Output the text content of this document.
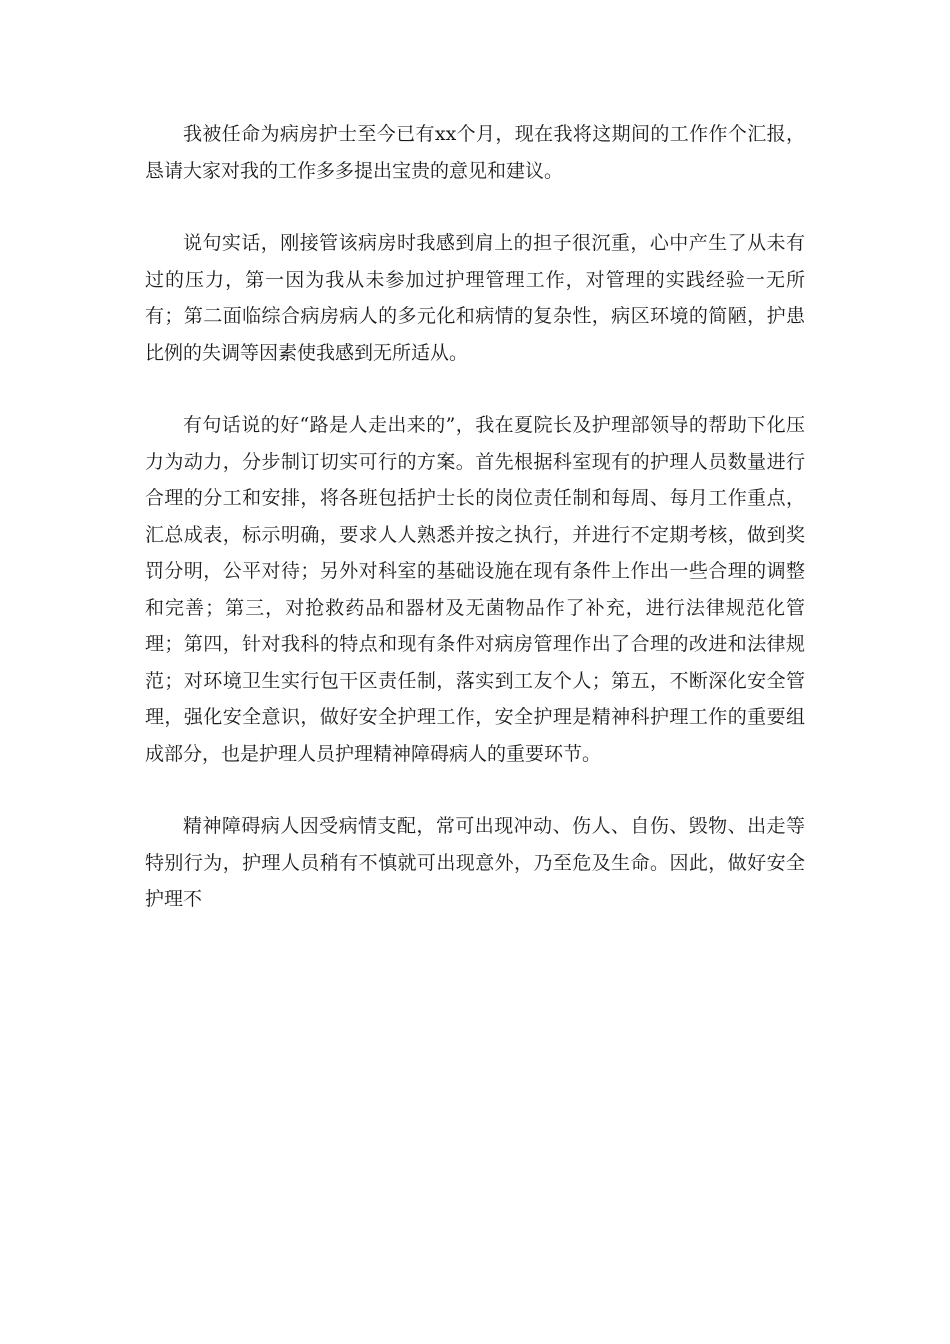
我被任命为病房护士至今已有xx个月，现在我将这期间的工作作个汇报，恳请大家对我的工作多多提出宝贵的意见和建议。

说句实话，刚接管该病房时我感到肩上的担子很沉重，心中产生了从未有过的压力，第一因为我从未参加过护理管理工作，对管理的实践经验一无所有；第二面临综合病房病人的多元化和病情的复杂性，病区环境的简陋，护患比例的失调等因素使我感到无所适从。

有句话说的好“路是人走出来的”，我在夏院长及护理部领导的帮助下化压力为动力，分步制订切实可行的方案。首先根据科室现有的护理人员数量进行合理的分工和安排，将各班包括护士长的岗位责任制和每周、每月工作重点，汇总成表，标示明确，要求人人熟悉并按之执行，并进行不定期考核，做到奖罚分明，公平对待；另外对科室的基础设施在现有条件上作出一些合理的调整和完善；第三，对抢救药品和器材及无菌物品作了补充，进行法律规范化管理；第四，针对我科的特点和现有条件对病房管理作出了合理的改进和法律规范；对环境卫生实行包干区责任制，落实到工友个人；第五，不断深化安全管理，强化安全意识，做好安全护理工作，安全护理是精神科护理工作的重要组成部分，也是护理人员护理精神障碍病人的重要环节。

精神障碍病人因受病情支配，常可出现冲动、伤人、自伤、毁物、出走等特别行为，护理人员稍有不慎就可出现意外，乃至危及生命。因此，做好安全护理不
